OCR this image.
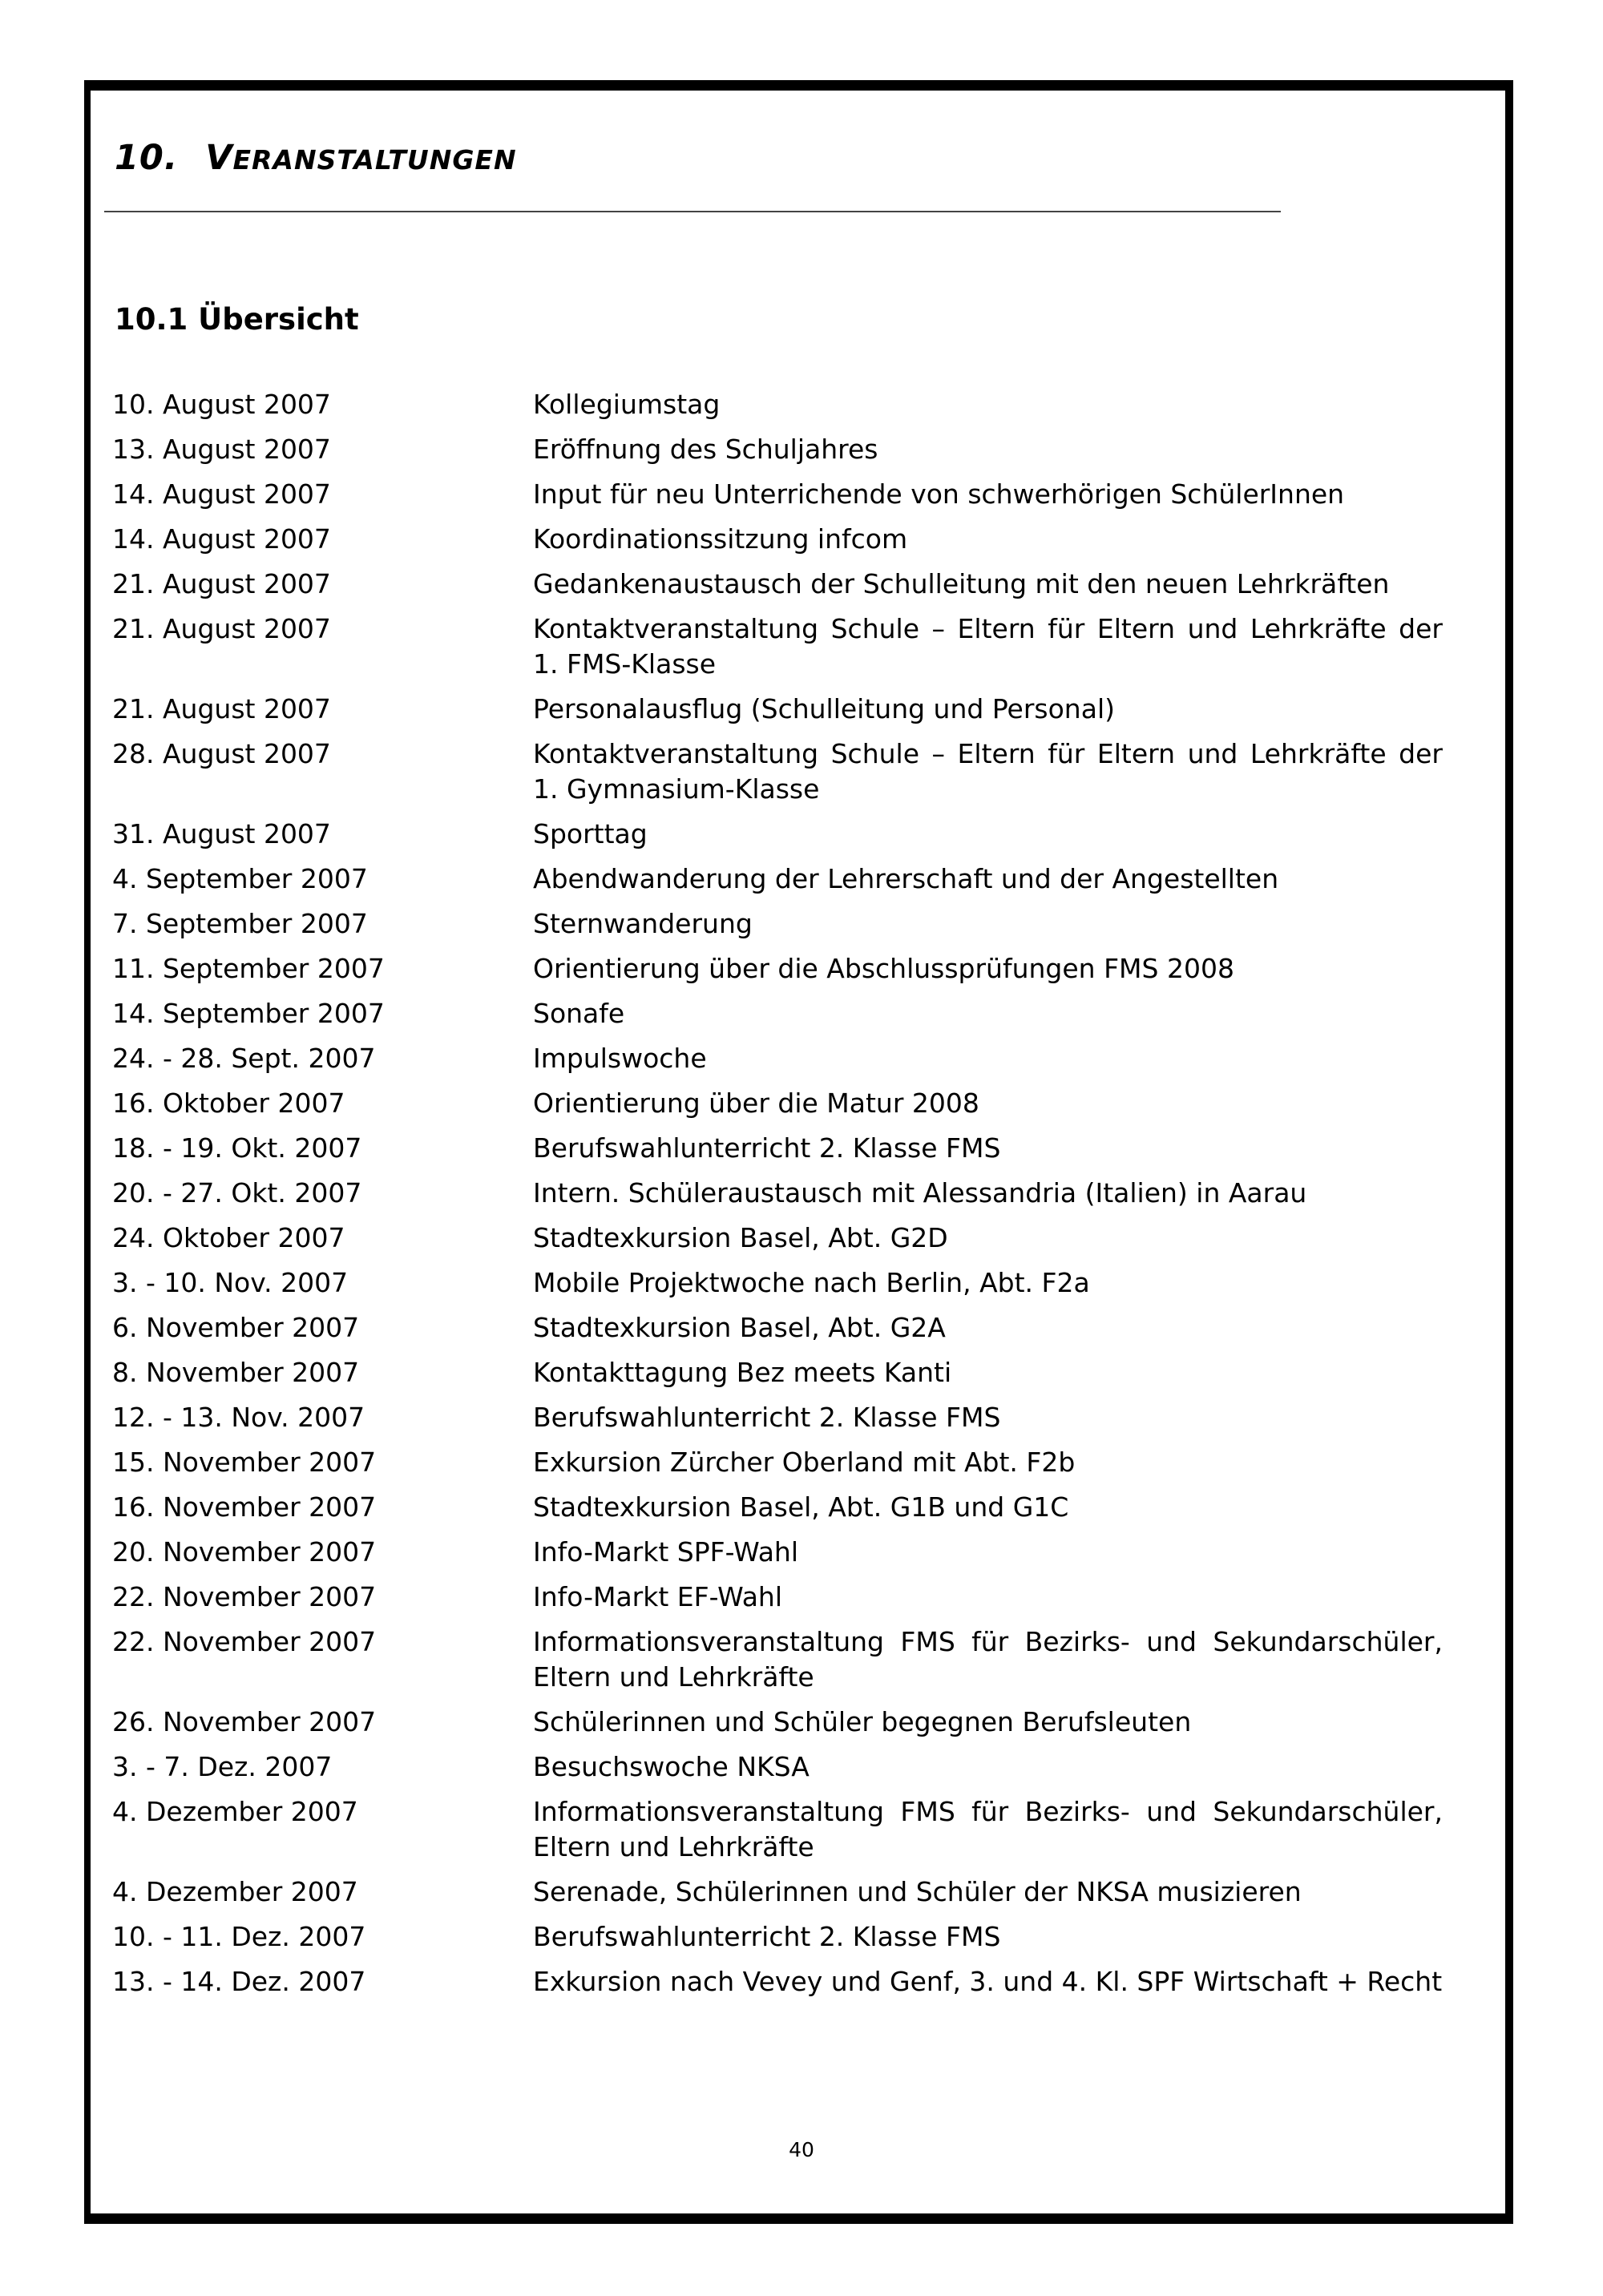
10. VERANSTALTUNGEN
10.1 Übersicht
10. August 2007	Kollegiumstag
13. August 2007	Eröffnung des Schuljahres
14. August 2007	Input für neu Unterrichende von schwerhörigen SchülerInnen
14. August 2007	Koordinationssitzung infcom
21. August 2007	Gedankenaustausch der Schulleitung mit den neuen Lehrkräften
21. August 2007	Kontaktveranstaltung Schule – Eltern für Eltern und Lehrkräfte der 1. FMS-Klasse
21. August 2007	Personalausflug (Schulleitung und Personal)
28. August 2007	Kontaktveranstaltung Schule – Eltern für Eltern und Lehrkräfte der 1. Gymnasium-Klasse
31. August 2007	Sporttag
4. September 2007	Abendwanderung der Lehrerschaft und der Angestellten
7. September 2007	Sternwanderung
11. September 2007	Orientierung über die Abschlussprüfungen FMS 2008
14. September 2007	Sonafe
24. - 28. Sept. 2007	Impulswoche
16. Oktober 2007	Orientierung über die Matur 2008
18. - 19. Okt. 2007	Berufswahlunterricht 2. Klasse FMS
20. - 27. Okt. 2007	Intern. Schüleraustausch mit Alessandria (Italien) in Aarau
24. Oktober 2007	Stadtexkursion Basel, Abt. G2D
3. - 10. Nov. 2007	Mobile Projektwoche nach Berlin, Abt. F2a
6. November 2007	Stadtexkursion Basel, Abt. G2A
8. November 2007	Kontakttagung Bez meets Kanti
12. - 13. Nov. 2007	Berufswahlunterricht 2. Klasse FMS
15. November 2007	Exkursion Zürcher Oberland mit Abt. F2b
16. November 2007	Stadtexkursion Basel, Abt. G1B und G1C
20. November 2007	Info-Markt SPF-Wahl
22. November 2007	Info-Markt EF-Wahl
22. November 2007	Informationsveranstaltung FMS für Bezirks- und Sekundarschüler, Eltern und Lehrkräfte
26. November 2007	Schülerinnen und Schüler begegnen Berufsleuten
3. - 7. Dez. 2007	Besuchswoche NKSA
4. Dezember 2007	Informationsveranstaltung FMS für Bezirks- und Sekundarschüler, Eltern und Lehrkräfte
4. Dezember 2007	Serenade, Schülerinnen und Schüler der NKSA musizieren
10. - 11. Dez. 2007	Berufswahlunterricht 2. Klasse FMS
13. - 14. Dez. 2007	Exkursion nach Vevey und Genf, 3. und 4. Kl. SPF Wirtschaft + Recht
40
